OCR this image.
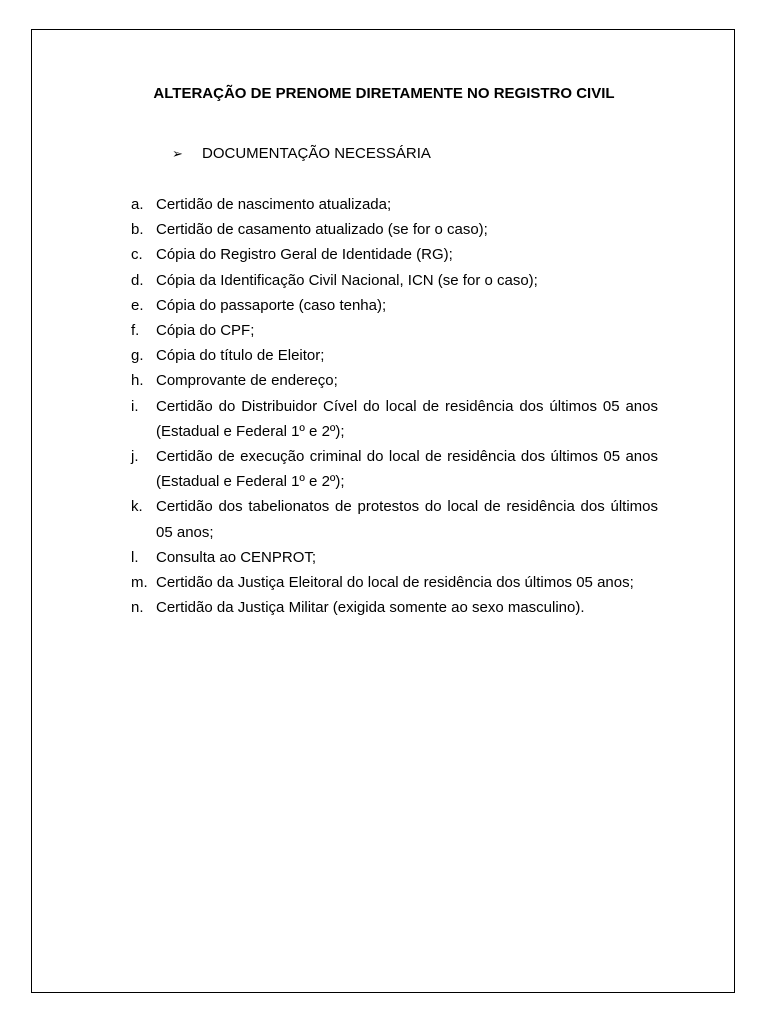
ALTERAÇÃO DE PRENOME DIRETAMENTE NO REGISTRO CIVIL
➢	DOCUMENTAÇÃO NECESSÁRIA
a. Certidão de nascimento atualizada;
b. Certidão de casamento atualizado (se for o caso);
c. Cópia do Registro Geral de Identidade (RG);
d. Cópia da Identificação Civil Nacional, ICN (se for o caso);
e. Cópia do passaporte (caso tenha);
f.	Cópia do CPF;
g. Cópia do título de Eleitor;
h. Comprovante de endereço;
i.	Certidão do Distribuidor Cível do local de residência dos últimos 05 anos (Estadual e Federal 1º e 2º);
j.	Certidão de execução criminal do local de residência dos últimos 05 anos (Estadual e Federal 1º e 2º);
k. Certidão dos tabelionatos de protestos do local de residência dos últimos 05 anos;
l.	Consulta ao CENPROT;
m. Certidão da Justiça Eleitoral do local de residência dos últimos 05 anos;
n. Certidão da Justiça Militar (exigida somente ao sexo masculino).
